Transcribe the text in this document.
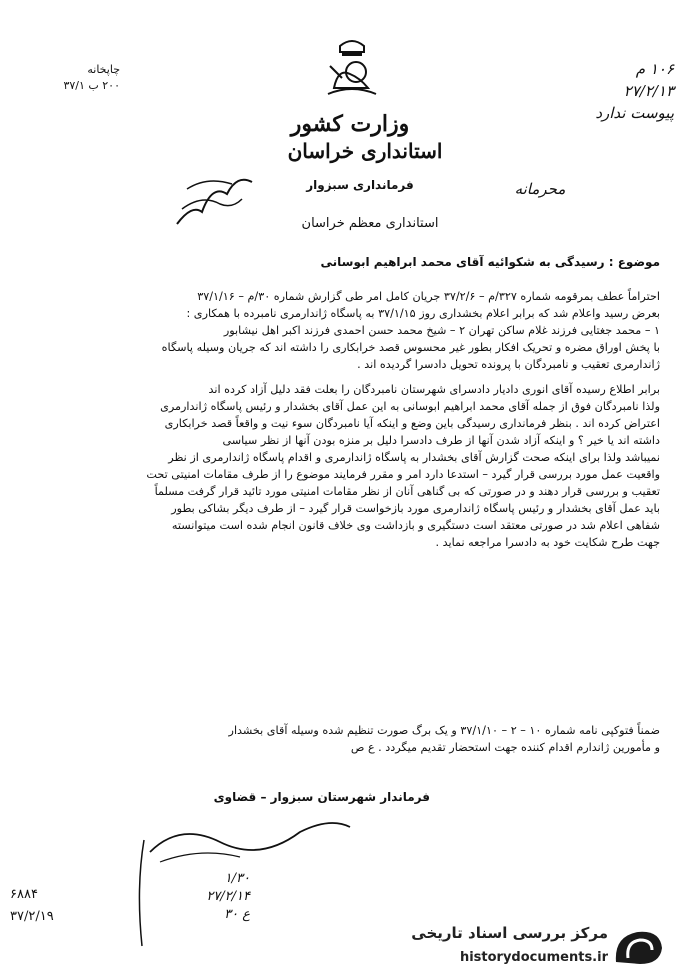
چاپخانه
۲۰۰ ب ۳۷/۱
۱۰۶ م
۲۷/۲/۱۳
پیوست ندارد
وزارت کشور
استانداری خراسان
فرمانداری سبزوار	محرمانه
استانداری معظم خراسان
موضوع : رسیدگی به شکوائیه آقای محمد ابراهیم ابوسانی

احتراماً عطف بمرقومه شماره ۳۲۷/م – ۳۷/۲/۶ جریان کامل امر طی گزارش شماره ۳۰/م – ۳۷/۱/۱۶

بعرض رسید واعلام شد که برابر اعلام بخشداری روز ۳۷/۱/۱۵ به پاسگاه ژاندارمری نامبرده با همکاری :

۱ – محمد جغتایی فرزند غلام ساکن تهران ۲ – شیخ محمد حسن احمدی فرزند اکبر اهل نیشابور

با پخش اوراق مضره و تحریک افکار بطور غیر محسوس قصد خرابکاری را داشته اند که جریان وسیله پاسگاه

ژاندارمری تعقیب و نامبردگان با پرونده تحویل دادسرا گردیده اند .

برابر اطلاع رسیده آقای انوری دادیار دادسرای شهرستان نامبردگان را بعلت فقد دلیل آزاد کرده اند

ولذا نامبردگان فوق از جمله آقای محمد ابراهیم ابوسانی به این عمل آقای بخشدار و رئیس پاسگاه ژاندارمری

اعتراض کرده اند . بنظر فرمانداری رسیدگی باین وضع و اینکه آیا نامبردگان سوء نیت و واقعاً قصد خرابکاری

داشته اند یا خیر ؟ و اینکه آزاد شدن آنها از طرف دادسرا دلیل بر منزه بودن آنها از نظر سیاسی

نمیباشد ولذا برای اینکه صحت گزارش آقای بخشدار به پاسگاه ژاندارمری و اقدام پاسگاه ژاندارمری از نظر

واقعیت عمل مورد بررسی قرار گیرد – استدعا دارد امر و مقرر فرمایند موضوع را از طرف مقامات امنیتی تحت

تعقیب و بررسی قرار دهند و در صورتی که بی گناهی آنان از نظر مقامات امنیتی مورد تائید قرار گرفت مسلماً

باید عمل آقای بخشدار و رئیس پاسگاه ژاندارمری مورد بازخواست قرار گیرد – از طرف دیگر بشاکی بطور

شفاهی اعلام شد در صورتی معتقد است دستگیری و بازداشت وی خلاف قانون انجام شده است میتوانسته

جهت طرح شکایت خود به دادسرا مراجعه نماید .

ضمناً فتوکپی نامه شماره ۱۰ – ۲ – ۳۷/۱/۱۰ و یک برگ صورت تنظیم شده وسیله آقای بخشدار

و مأمورین ژاندارم اقدام کننده جهت استحضار تقدیم میگردد . ع ص

فرماندار شهرستان سبزوار – قضاوی
۱/۳۰
۲۷/۲/۱۴
ع ۳۰
۶۸۸۴
۳۷/۲/۱۹
مرکز بررسی اسناد تاریخی
historydocuments.ir
